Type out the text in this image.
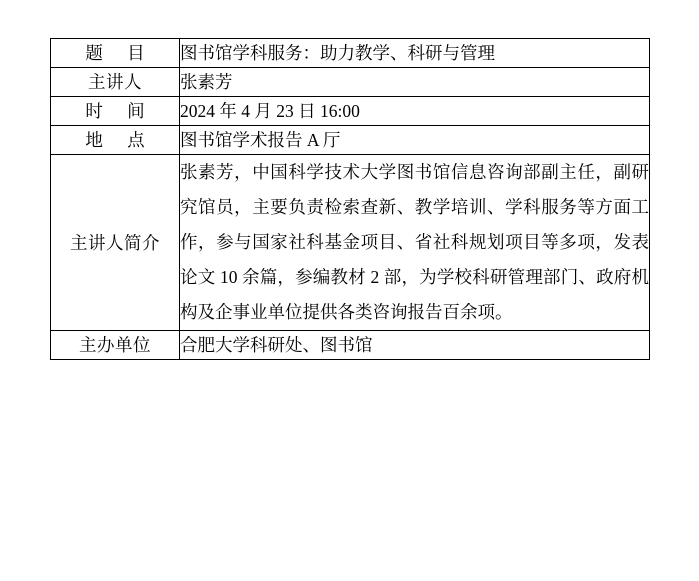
题 目	图书馆学科服务：助力教学、科研与管理
主讲人	张素芳
时 间	2024 年 4 月 23 日 16:00
地 点	图书馆学术报告 A 厅
主讲人简介	张素芳，中国科学技术大学图书馆信息咨询部副主任，副研究馆员，主要负责检索查新、教学培训、学科服务等方面工作，参与国家社科基金项目、省社科规划项目等多项，发表论文 10 余篇，参编教材 2 部，为学校科研管理部门、政府机构及企事业单位提供各类咨询报告百余项。

主办单位	合肥大学科研处、图书馆
